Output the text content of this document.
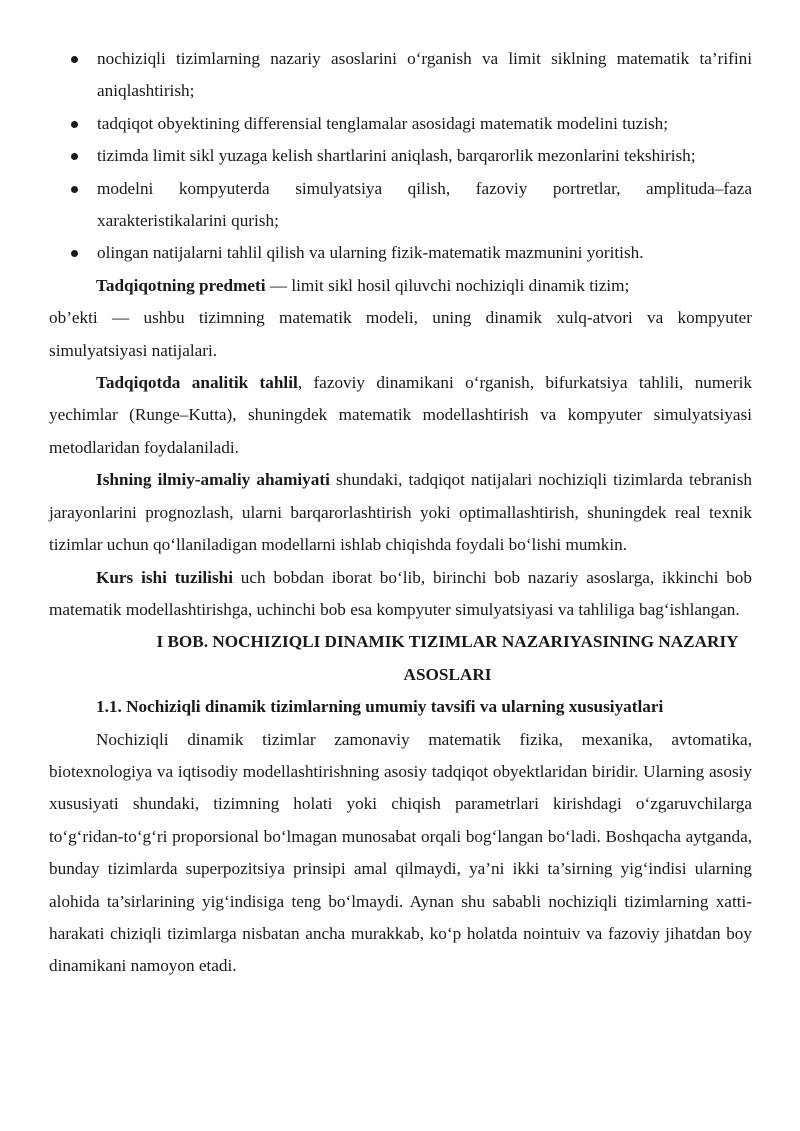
nochiziqli tizimlarning nazariy asoslarini o‘rganish va limit siklning matematik ta’rifini aniqlashtirish;
tadqiqot obyektining differensial tenglamalar asosidagi matematik modelini tuzish;
tizimda limit sikl yuzaga kelish shartlarini aniqlash, barqarorlik mezonlarini tekshirish;
modelni kompyuterda simulyatsiya qilish, fazoviy portretlar, amplituda–faza xarakteristikalarini qurish;
olingan natijalarni tahlil qilish va ularning fizik-matematik mazmunini yoritish.

Tadqiqotning predmeti — limit sikl hosil qiluvchi nochiziqli dinamik tizim;

ob’ekti — ushbu tizimning matematik modeli, uning dinamik xulq-atvori va kompyuter simulyatsiyasi natijalari.

Tadqiqotda analitik tahlil, fazoviy dinamikani o‘rganish, bifurkatsiya tahlili, numerik yechimlar (Runge–Kutta), shuningdek matematik modellashtirish va kompyuter simulyatsiyasi metodlaridan foydalaniladi.

Ishning ilmiy-amaliy ahamiyati shundaki, tadqiqot natijalari nochiziqli tizimlarda tebranish jarayonlarini prognozlash, ularni barqarorlashtirish yoki optimallashtirish, shuningdek real texnik tizimlar uchun qo‘llaniladigan modellarni ishlab chiqishda foydali bo‘lishi mumkin.

Kurs ishi tuzilishi uch bobdan iborat bo‘lib, birinchi bob nazariy asoslarga, ikkinchi bob matematik modellashtirishga, uchinchi bob esa kompyuter simulyatsiyasi va tahliliga bag‘ishlangan.

I BOB. NOCHIZIQLI DINAMIK TIZIMLAR NAZARIYASINING NAZARIY ASOSLARI
1.1. Nochiziqli dinamik tizimlarning umumiy tavsifi va ularning xususiyatlari

Nochiziqli dinamik tizimlar zamonaviy matematik fizika, mexanika, avtomatika, biotexnologiya va iqtisodiy modellashtirishning asosiy tadqiqot obyektlaridan biridir. Ularning asosiy xususiyati shundaki, tizimning holati yoki chiqish parametrlari kirishdagi o‘zgaruvchilarga to‘g‘ridan-to‘g‘ri proporsional bo‘lmagan munosabat orqali bog‘langan bo‘ladi. Boshqacha aytganda, bunday tizimlarda superpozitsiya prinsipi amal qilmaydi, ya’ni ikki ta’sirning yig‘indisi ularning alohida ta’sirlarining yig‘indisiga teng bo‘lmaydi. Aynan shu sababli nochiziqli tizimlarning xatti-harakati chiziqli tizimlarga nisbatan ancha murakkab, ko‘p holatda nointuiv va fazoviy jihatdan boy dinamikani namoyon etadi.
